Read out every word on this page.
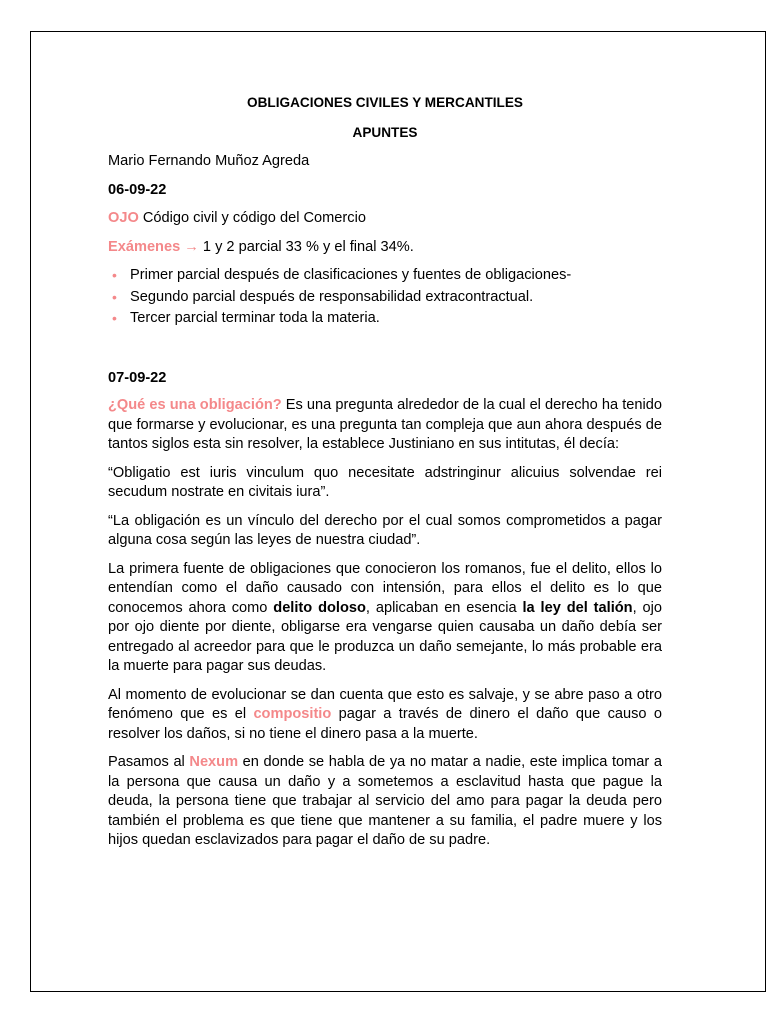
OBLIGACIONES CIVILES Y MERCANTILES
APUNTES

Mario Fernando Muñoz Agreda

06-09-22

OJO Código civil y código del Comercio

Exámenes → 1 y 2 parcial 33 % y el final 34%.

• Primer parcial después de clasificaciones y fuentes de obligaciones-
• Segundo parcial después de responsabilidad extracontractual.
• Tercer parcial terminar toda la materia.

07-09-22

¿Qué es una obligación? Es una pregunta alrededor de la cual el derecho ha tenido que formarse y evolucionar, es una pregunta tan compleja que aun ahora después de tantos siglos esta sin resolver, la establece Justiniano en sus intitutas, él decía:

“Obligatio est iuris vinculum quo necesitate adstringinur alicuius solvendae rei secudum nostrate en civitais iura”.

“La obligación es un vínculo del derecho por el cual somos comprometidos a pagar alguna cosa según las leyes de nuestra ciudad”.

La primera fuente de obligaciones que conocieron los romanos, fue el delito, ellos lo entendían como el daño causado con intensión, para ellos el delito es lo que conocemos ahora como delito doloso, aplicaban en esencia la ley del talión, ojo por ojo diente por diente, obligarse era vengarse quien causaba un daño debía ser entregado al acreedor para que le produzca un daño semejante, lo más probable era la muerte para pagar sus deudas.

Al momento de evolucionar se dan cuenta que esto es salvaje, y se abre paso a otro fenómeno que es el compositio pagar a través de dinero el daño que causo o resolver los daños, si no tiene el dinero pasa a la muerte.

Pasamos al Nexum en donde se habla de ya no matar a nadie, este implica tomar a la persona que causa un daño y a sometemos a esclavitud hasta que pague la deuda, la persona tiene que trabajar al servicio del amo para pagar la deuda pero también el problema es que tiene que mantener a su familia, el padre muere y los hijos quedan esclavizados para pagar el daño de su padre.
